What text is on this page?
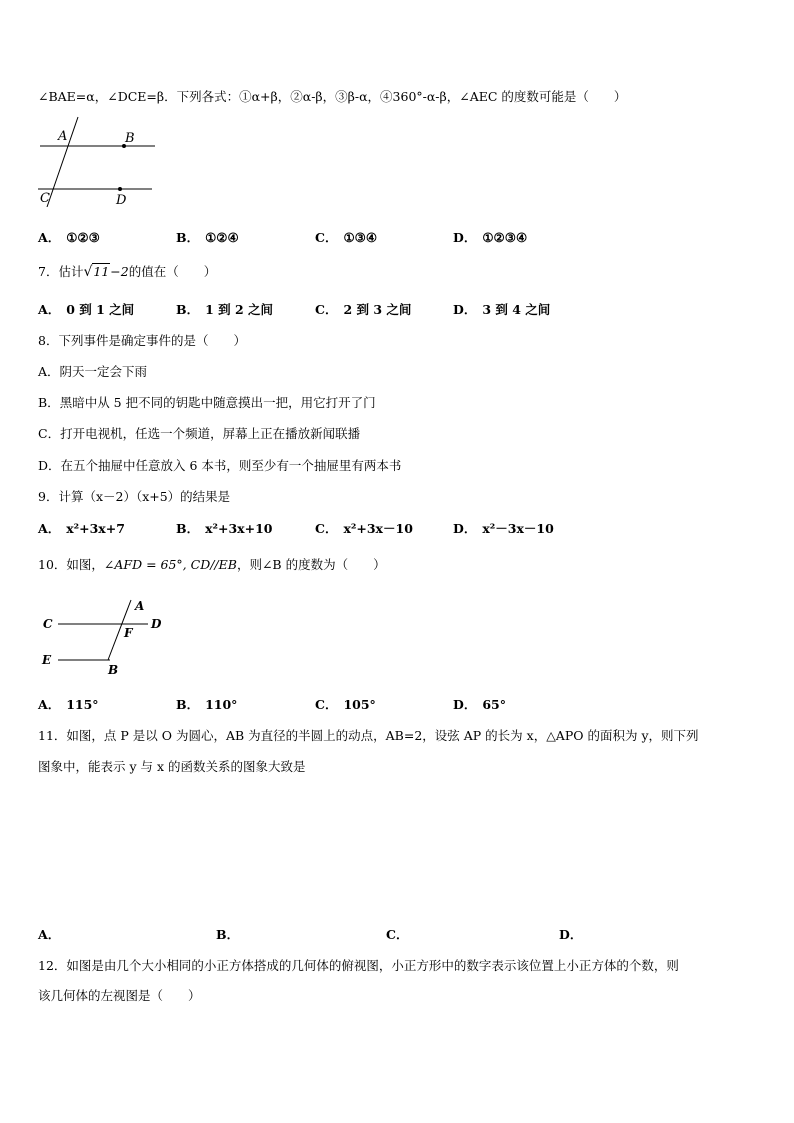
∠BAE=α，∠DCE=β．下列各式：①α+β，②α-β，③β-α，④360°-α-β，∠AEC 的度数可能是（　　）
A	B
C	D
A． ①②③	B． ①②④	C． ①③④	D． ①②③④
7．估计√11−2的值在（　　）
A． 0 到 1 之间	B． 1 到 2 之间	C． 2 到 3 之间	D． 3 到 4 之间
8．下列事件是确定事件的是（　　）
A．阴天一定会下雨
B．黑暗中从 5 把不同的钥匙中随意摸出一把，用它打开了门
C．打开电视机，任选一个频道，屏幕上正在播放新闻联播
D．在五个抽屉中任意放入 6 本书，则至少有一个抽屉里有两本书
9．计算（x－2）（x+5）的结果是
A． x²+3x+7	B． x²+3x+10	C． x²+3x－10	D． x²－3x－10
10．如图，∠AFD = 65°, CD//EB，则∠B 的度数为（　　）
A
C	D
F
E
B
A． 115°	B． 110°	C． 105°	D． 65°
11．如图，点 P 是以 O 为圆心，AB 为直径的半圆上的动点，AB=2，设弦 AP 的长为 x，△APO 的面积为 y，则下列
图象中，能表示 y 与 x 的函数关系的图象大致是
A．	B．	C．	D．
12．如图是由几个大小相同的小正方体搭成的几何体的俯视图，小正方形中的数字表示该位置上小正方体的个数，则
该几何体的左视图是（　　）
